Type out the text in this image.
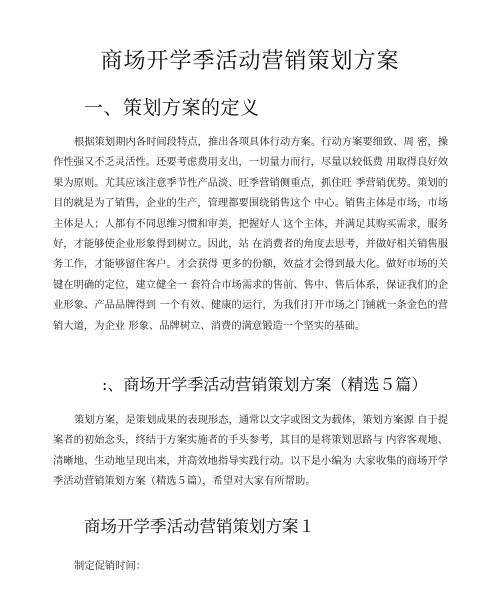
商场开学季活动营销策划方案
一、策划方案的定义

根据策划期内各时间段特点，推出各项具体行动方案。行动方案要细致、周 密，操作性强又不乏灵活性。还要考虑费用支出，一切量力而行，尽量以较低费 用取得良好效果为原则。尤其应该注意季节性产品淡、旺季营销侧重点，抓住旺 季营销优势。策划的目的就是为了销售，企业的生产，管理都要围绕销售这个 中心。销售主体是市场，市场主体是人；人都有不同思维习惯和审美，把握好人 这个主体，并满足其购买需求，服务好，才能够使企业形象得到树立。因此，站 在消费者的角度去思考，并做好相关销售服务工作，才能够留住客户。才会获得 更多的份额，效益才会得到最大化。做好市场的关键在明确的定位，建立健全一 套符合市场需求的售前、售中、售后体系，保证我们的企业形象、产品品牌得到 一个有效、健康的运行，为我们打开市场之门铺就一条金色的营销大道，为企业 形象、品牌树立、消费的满意锻造一个坚实的基础。

:、商场开学季活动营销策划方案（精选５篇）

策划方案，是策划成果的表现形态，通常以文字或图文为载体，策划方案源 自于提案者的初始念头，终结于方案实施者的手头参考，其目的是将策划思路与 内容客观地、清晰地、生动地呈现出来，并高效地指导实践行动。以下是小编为 大家收集的商场开学季活动营销策划方案（精选５篇），希望对大家有所帮助。

商场开学季活动营销策划方案１

制定促销时间：
